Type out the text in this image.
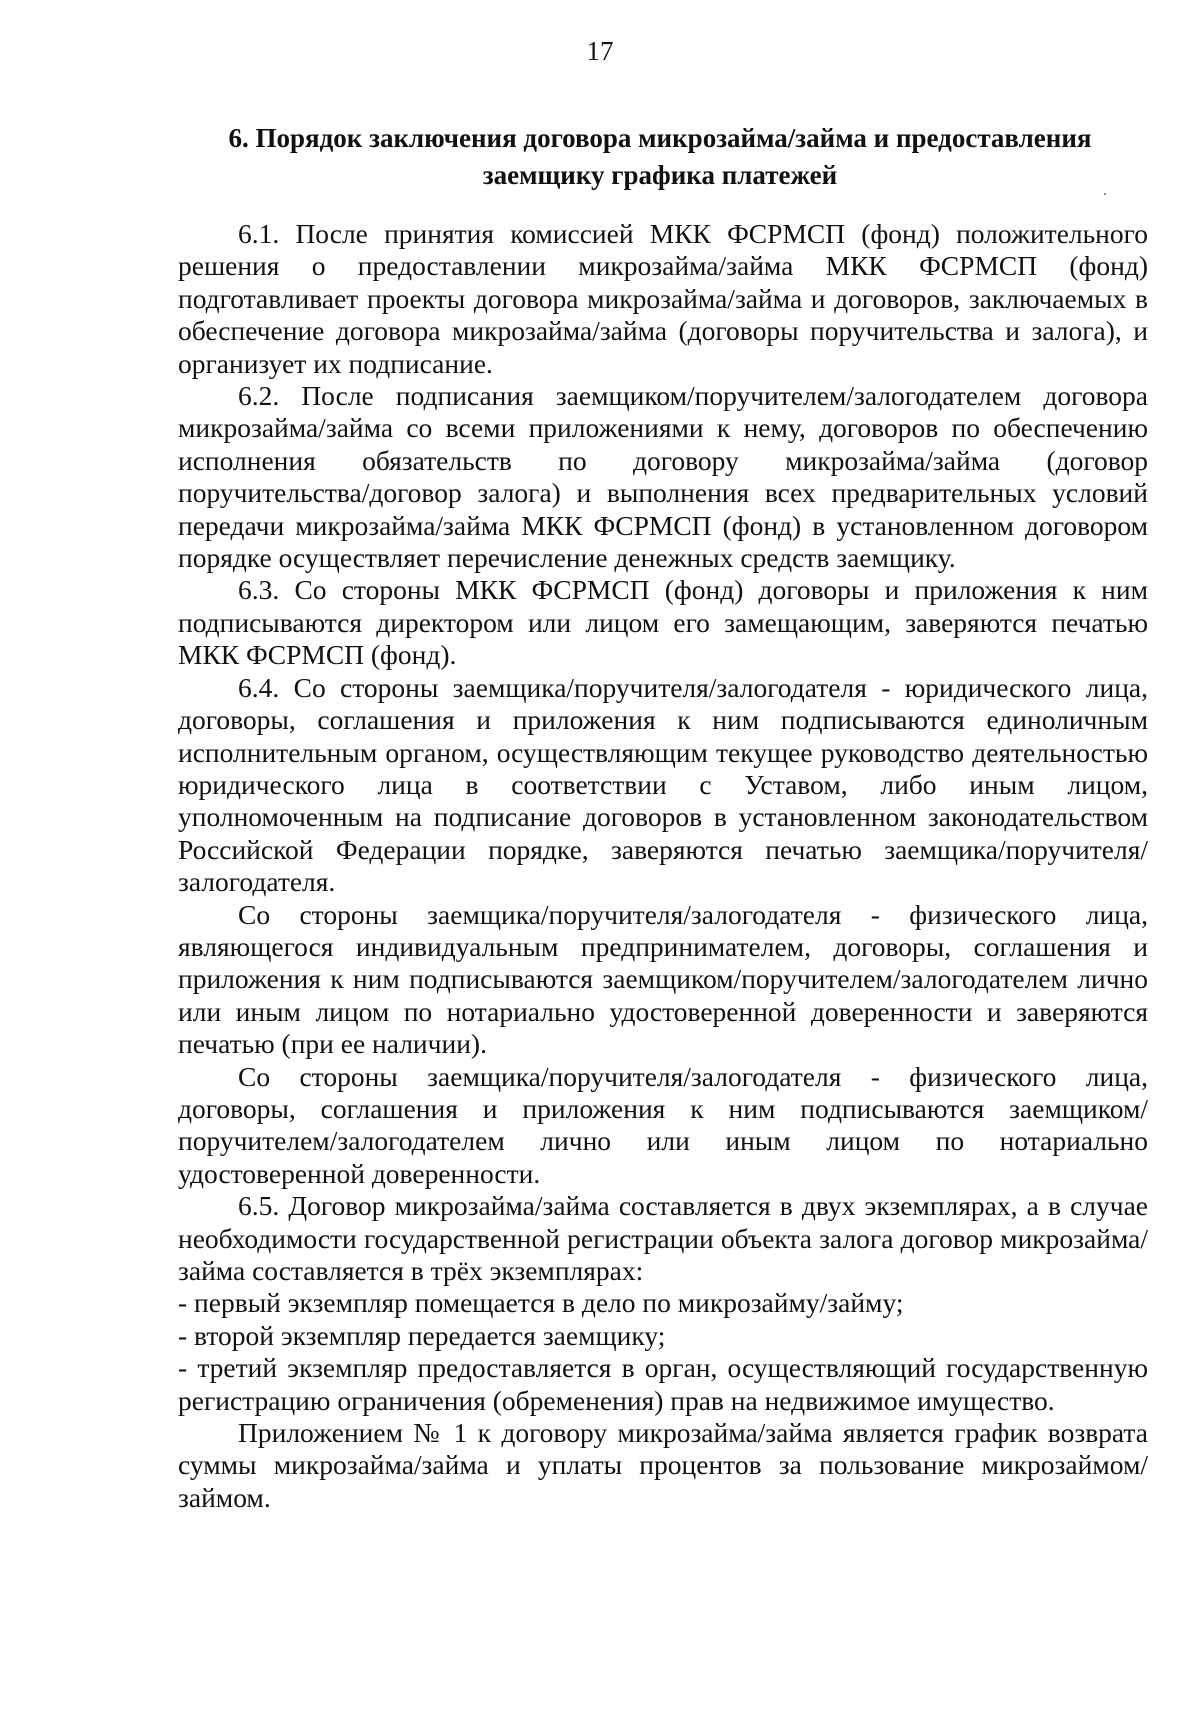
17
6. Порядок заключения договора микрозайма/займа и предоставления
заемщику графика платежей

6.1. После принятия комиссией МКК ФСРМСП (фонд) положительного решения о предоставлении микрозайма/займа МКК ФСРМСП (фонд) подготавливает проекты договора микрозайма/займа и договоров, заключаемых в обеспечение договора микрозайма/займа (договоры поручительства и залога), и организует их подписание.

6.2. После подписания заемщиком/поручителем/залогодателем договора микрозайма/займа со всеми приложениями к нему, договоров по обеспечению исполнения обязательств по договору микрозайма/займа (договор поручительства/договор залога) и выполнения всех предварительных условий передачи микрозайма/займа МКК ФСРМСП (фонд) в установленном договором порядке осуществляет перечисление денежных средств заемщику.

6.3. Со стороны МКК ФСРМСП (фонд) договоры и приложения к ним подписываются директором или лицом его замещающим, заверяются печатью МКК ФСРМСП (фонд).

6.4. Со стороны заемщика/поручителя/залогодателя - юридического лица, договоры, соглашения и приложения к ним подписываются единоличным исполнительным органом, осуществляющим текущее руководство деятельностью юридического лица в соответствии с Уставом, либо иным лицом, уполномоченным на подписание договоров в установленном законодательством Российской Федерации порядке, заверяются печатью заемщика/поручителя/залогодателя.

Со стороны заемщика/поручителя/залогодателя - физического лица, являющегося индивидуальным предпринимателем, договоры, соглашения и приложения к ним подписываются заемщиком/поручителем/залогодателем лично или иным лицом по нотариально удостоверенной доверенности и заверяются печатью (при ее наличии).

Со стороны заемщика/поручителя/залогодателя - физического лица, договоры, соглашения и приложения к ним подписываются заемщиком/поручителем/залогодателем лично или иным лицом по нотариально удостоверенной доверенности.

6.5. Договор микрозайма/займа составляется в двух экземплярах, а в случае необходимости государственной регистрации объекта залога договор микрозайма/займа составляется в трёх экземплярах:

- первый экземпляр помещается в дело по микрозайму/займу;

- второй экземпляр передается заемщику;

- третий экземпляр предоставляется в орган, осуществляющий государственную регистрацию ограничения (обременения) прав на недвижимое имущество.

Приложением № 1 к договору микрозайма/займа является график возврата суммы микрозайма/займа и уплаты процентов за пользование микрозаймом/займом.
